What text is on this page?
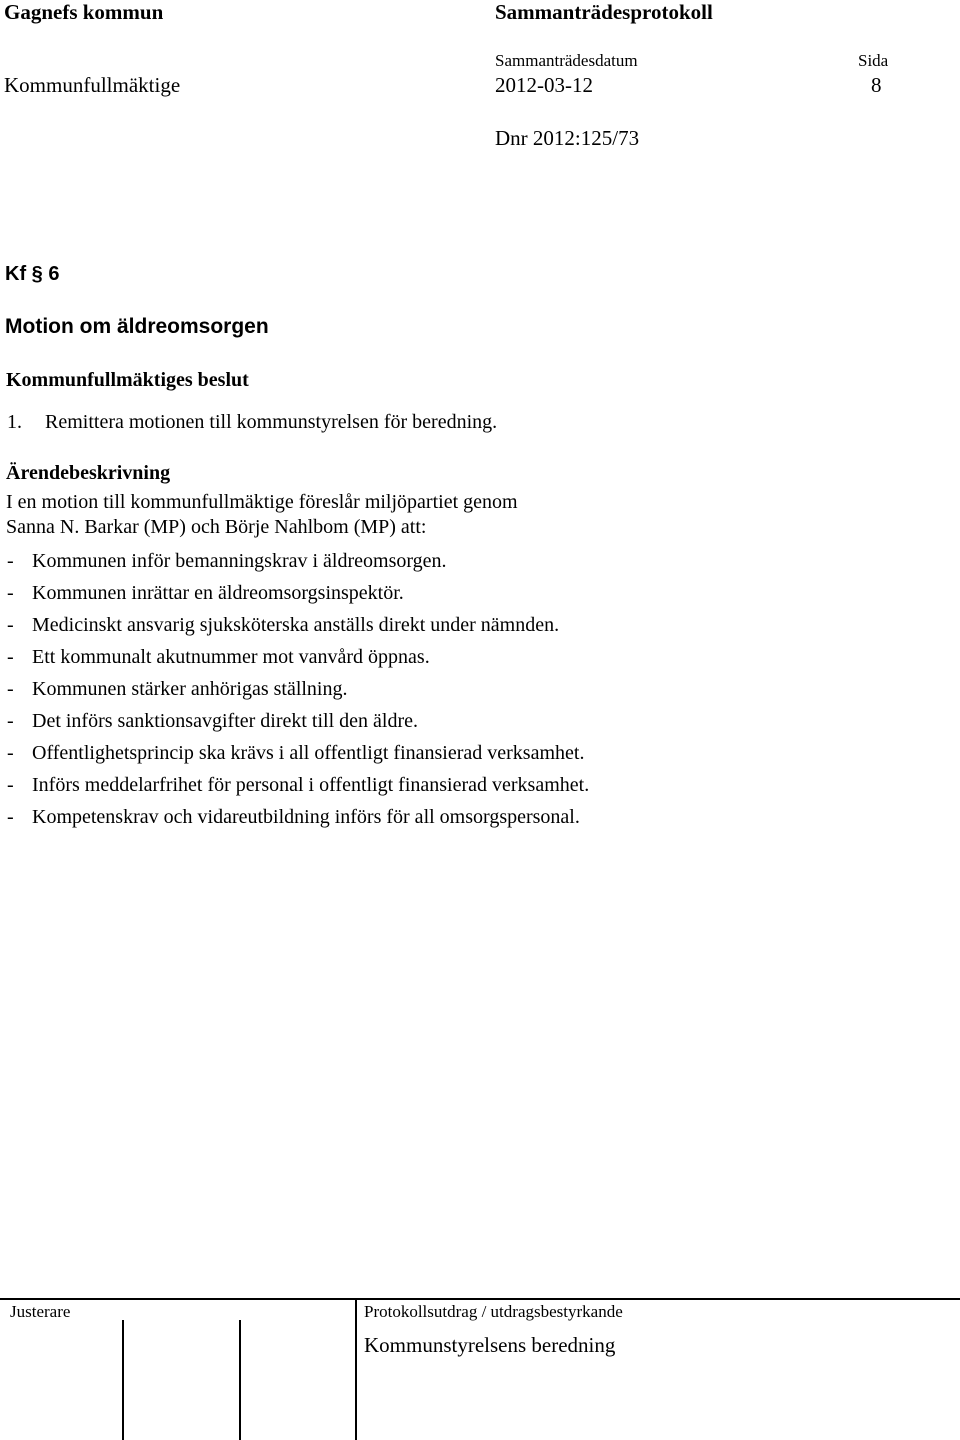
Gagnefs kommun	Sammanträdesprotokoll
Sammanträdesdatum	Sida
Kommunfullmäktige	2012-03-12	8
Dnr 2012:125/73
Kf § 6
Motion om äldreomsorgen
Kommunfullmäktiges beslut
1. Remittera motionen till kommunstyrelsen för beredning.
Ärendebeskrivning
I en motion till kommunfullmäktige föreslår miljöpartiet genom
Sanna N. Barkar (MP) och Börje Nahlbom (MP) att:
- Kommunen inför bemanningskrav i äldreomsorgen.
- Kommunen inrättar en äldreomsorgsinspektör.
- Medicinskt ansvarig sjuksköterska anställs direkt under nämnden.
- Ett kommunalt akutnummer mot vanvård öppnas.
- Kommunen stärker anhörigas ställning.
- Det införs sanktionsavgifter direkt till den äldre.
- Offentlighetsprincip ska krävs i all offentligt finansierad verksamhet.
- Införs meddelarfrihet för personal i offentligt finansierad verksamhet.
- Kompetenskrav och vidareutbildning införs för all omsorgspersonal.
Justerare	Protokollsutdrag / utdragsbestyrkande
Kommunstyrelsens beredning
